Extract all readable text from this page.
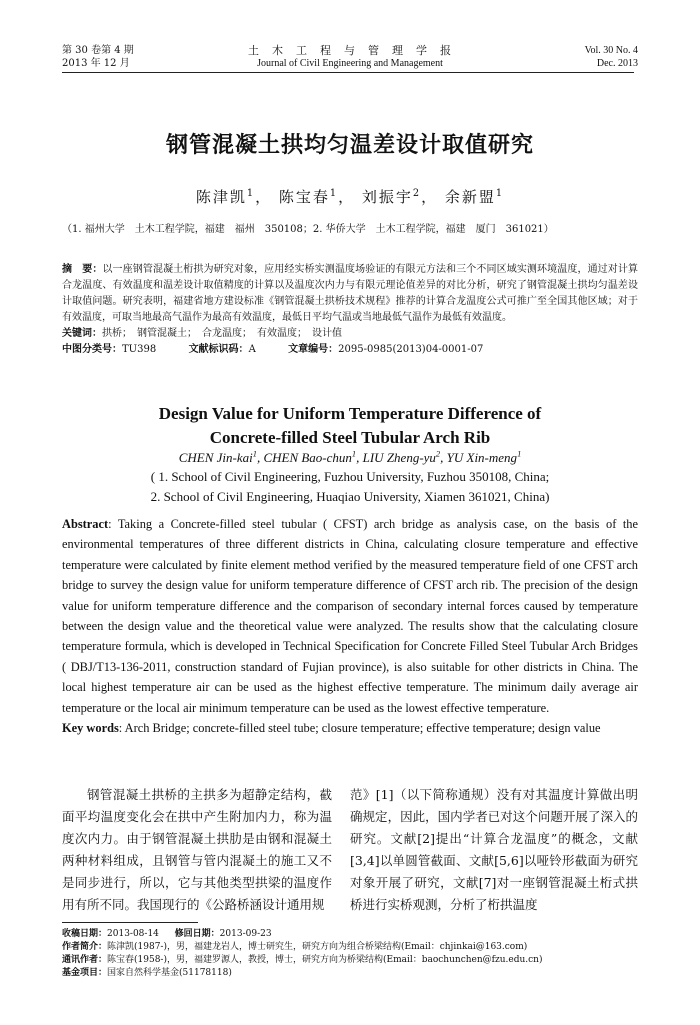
第 30 卷第 4 期
2013 年 12 月
土　木　工　程　与　管　理　学　报
Journal of Civil Engineering and Management
Vol. 30 No. 4
Dec. 2013
钢管混凝土拱均匀温差设计取值研究
陈津凯$^1$， 陈宝春$^1$， 刘振宇$^2$， 余新盟$^1$
（1. 福州大学　土木工程学院，福建　福州　350108；2. 华侨大学　土木工程学院，福建　厦门　361021）

摘　要：以一座钢管混凝土桁拱为研究对象，应用经实桥实测温度场验证的有限元方法和三个不同区域实测环境温度，通过对计算合龙温度、有效温度和温差设计取值精度的计算以及温度次内力与有限元理论值差异的对比分析，研究了钢管混凝土拱均匀温差设计取值问题。研究表明，福建省地方建设标准《钢管混凝土拱桥技术规程》推荐的计算合龙温度公式可推广至全国其他区域；对于有效温度，可取当地最高气温作为最高有效温度，最低日平均气温或当地最低气温作为最低有效温度。

关键词：拱桥；　钢管混凝土；　合龙温度；　有效温度；　设计值

中图分类号：TU398	文献标识码：A	文章编号：2095-0985(2013)04-0001-07

Design Value for Uniform Temperature Difference of
Concrete-filled Steel Tubular Arch Rib
CHEN Jin-kai$^1$, CHEN Bao-chun$^1$, LIU Zheng-$yu^2$, YU Xin-meng$^1$
( 1. School of Civil Engineering, Fuzhou University, Fuzhou 350108, China;
2. School of Civil Engineering, Huaqiao University, Xiamen 361021, China)

Abstract: Taking a Concrete-filled steel tubular ( CFST) arch bridge as analysis case, on the basis of the environmental temperatures of three different districts in China, calculating closure temperature and effective temperature were calculated by finite element method verified by the measured temperature field of one CFST arch bridge to survey the design value for uniform temperature difference of CFST arch rib. The precision of the design value for uniform temperature difference and the comparison of secondary internal forces caused by temperature between the design value and the theoretical value were analyzed. The results show that the calculating closure temperature formula, which is developed in Technical Specification for Concrete Filled Steel Tubular Arch Bridges ( DBJ/T13-136-2011, construction standard of Fujian province), is also suitable for other districts in China. The local highest temperature air can be used as the highest effective temperature. The minimum daily average air temperature or the local air minimum temperature can be used as the lowest effective temperature.

Key words: Arch Bridge; concrete-filled steel tube; closure temperature; effective temperature; design value

钢管混凝土拱桥的主拱多为超静定结构，截面平均温度变化会在拱中产生附加内力，称为温度次内力。由于钢管混凝土拱肋是由钢和混凝土两种材料组成，且钢管与管内混凝土的施工又不是同步进行，所以，它与其他类型拱梁的温度作用有所不同。我国现行的《公路桥涵设计通用规

范》[1]（以下简称通规）没有对其温度计算做出明确规定，因此，国内学者已对这个问题开展了深入的研究。文献[2]提出“计算合龙温度”的概念，文献[3,4]以单圆管截面、文献[5,6]以哑铃形截面为研究对象开展了研究，文献[7]对一座钢管混凝土桁式拱桥进行实桥观测，分析了桁拱温度

收稿日期：2013-08-14 修回日期：2013-09-23
作者简介：陈津凯(1987-)，男，福建龙岩人，博士研究生，研究方向为组合桥梁结构(Email：chjinkai@163.com)
通讯作者：陈宝春(1958-)，男，福建罗源人，教授，博士，研究方向为桥梁结构(Email：baochunchen@fzu.edu.cn)
基金项目：国家自然科学基金(51178118)
